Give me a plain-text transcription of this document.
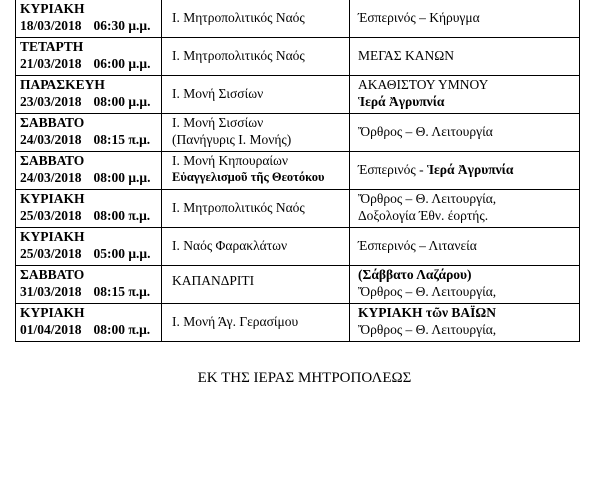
ΚΥΡΙΑΚΗ
18/03/2018 06:30 μ.μ.	Ι. Μητροπολιτικός Ναός	Έσπερινός – Κήρυγμα

ΤΕΤΑΡΤΗ
21/03/2018 06:00 μ.μ.	Ι. Μητροπολιτικός Ναός	ΜΕΓΑΣ ΚΑΝΩΝ

ΠΑΡΑΣΚΕΥΗ
23/03/2018 08:00 μ.μ.	Ι. Μονή Σισσίων	ΑΚΑΘΙΣΤΟΥ ΥΜΝΟΥ
Ἱερά Ἀγρυπνία

ΣΑΒΒΑΤΟ
24/03/2018 08:15 π.μ.	Ι. Μονή Σισσίων
(Πανήγυρις Ι. Μονής)	Ὄρθρος – Θ. Λειτουργία

ΣΑΒΒΑΤΟ
24/03/2018 08:00 μ.μ.	Ι. Μονή Κηπουραίων
Εὐαγγελισμοῦ τῆς Θεοτόκου	Έσπερινός - Ἱερά Ἀγρυπνία

ΚΥΡΙΑΚΗ
25/03/2018 08:00 π.μ.	Ι. Μητροπολιτικός Ναός	Ὄρθρος – Θ. Λειτουργία,
Δοξολογία Έθν. έορτής.

ΚΥΡΙΑΚΗ
25/03/2018 05:00 μ.μ.	Ι. Ναός Φαρακλάτων	Έσπερινός – Λιτανεία

ΣΑΒΒΑΤΟ
31/03/2018 08:15 π.μ.	ΚΑΠΑΝΔΡΙΤΙ	(Σάββατο Λαζάρου)
Ὄρθρος – Θ. Λειτουργία,

ΚΥΡΙΑΚΗ
01/04/2018 08:00 π.μ.	Ι. Μονή Άγ. Γερασίμου	ΚΥΡΙΑΚΗ τῶν ΒΑΪΩΝ
Ὄρθρος – Θ. Λειτουργία,
ΕΚ ΤΗΣ ΙΕΡΑΣ ΜΗΤΡΟΠΟΛΕΩΣ
